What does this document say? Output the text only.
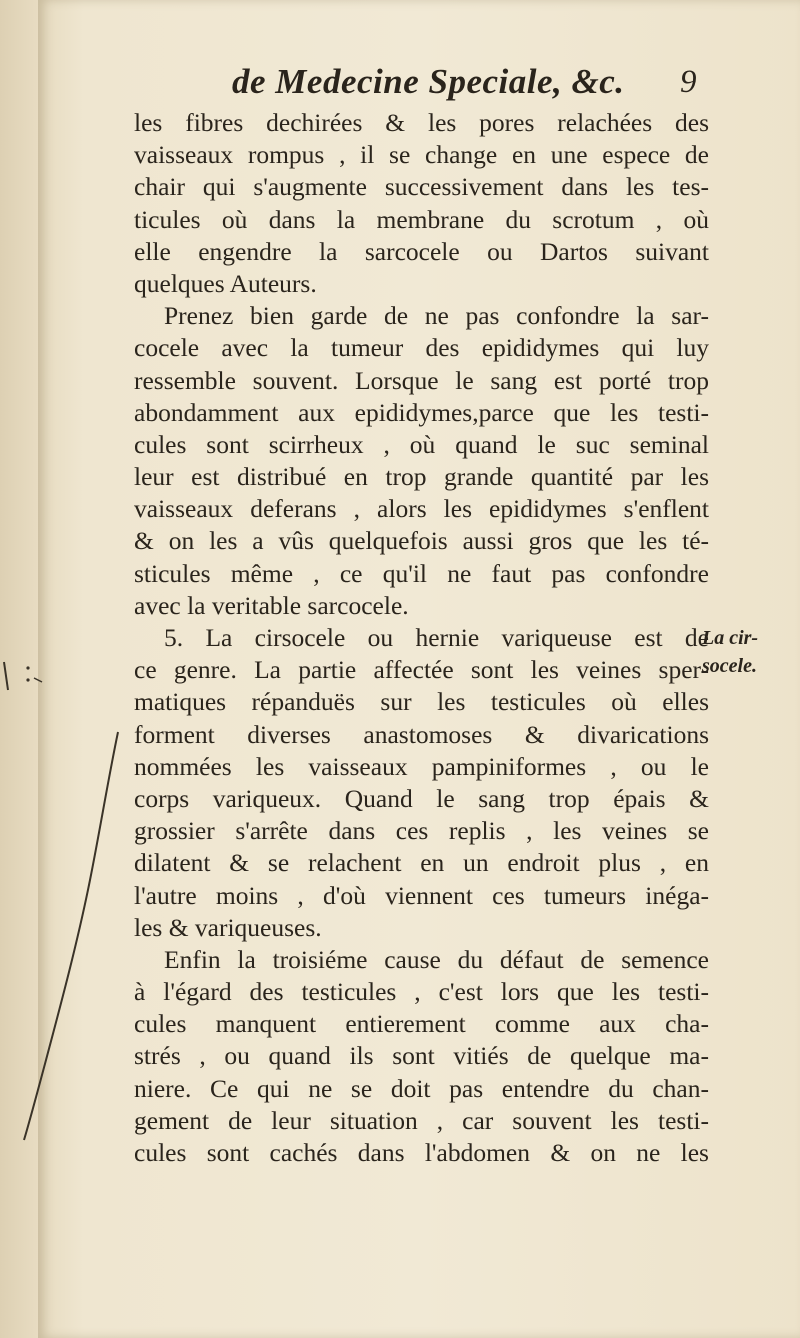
de Medecine Speciale, &c. 9
les fibres dechirées & les pores relachées des
vaisseaux rompus , il se change en une espece de
chair qui s'augmente successivement dans les tes-
ticules où dans la membrane du scrotum , où
elle engendre la sarcocele ou Dartos suivant
quelques Auteurs.
Prenez bien garde de ne pas confondre la sar-
cocele avec la tumeur des epididymes qui luy
ressemble souvent. Lorsque le sang est porté trop
abondamment aux epididymes,parce que les testi-
cules sont scirrheux , où quand le suc seminal
leur est distribué en trop grande quantité par les
vaisseaux deferans , alors les epididymes s'enflent
& on les a vûs quelquefois aussi gros que les té-
sticules même , ce qu'il ne faut pas confondre
avec la veritable sarcocele.
5. La cirsocele ou hernie variqueuse est de
ce genre. La partie affectée sont les veines sper-
matiques répanduës sur les testicules où elles
forment diverses anastomoses & divarications
nommées les vaisseaux pampiniformes , ou le
corps variqueux. Quand le sang trop épais &
grossier s'arrête dans ces replis , les veines se
dilatent & se relachent en un endroit plus , en
l'autre moins , d'où viennent ces tumeurs inéga-
les & variqueuses.
Enfin la troisiéme cause du défaut de semence
à l'égard des testicules , c'est lors que les testi-
cules manquent entierement comme aux cha-
strés , ou quand ils sont vitiés de quelque ma-
niere. Ce qui ne se doit pas entendre du chan-
gement de leur situation , car souvent les testi-
cules sont cachés dans l'abdomen & on ne les
La cir-
socele.
